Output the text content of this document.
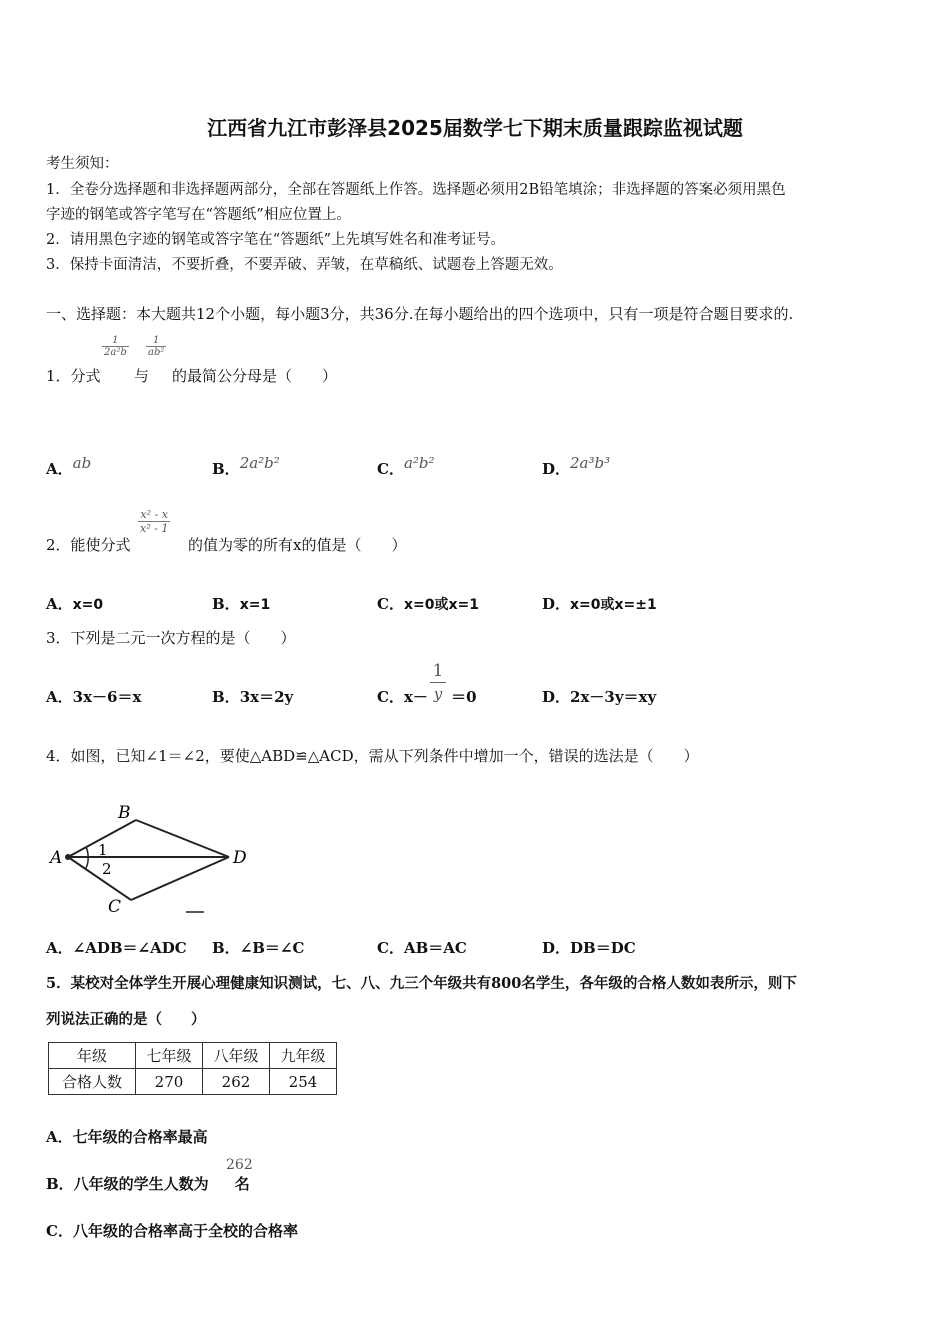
江西省九江市彭泽县2025届数学七下期末质量跟踪监视试题
考生须知：
1．全卷分选择题和非选择题两部分，全部在答题纸上作答。选择题必须用2B铅笔填涂；非选择题的答案必须用黑色
字迹的钢笔或答字笔写在“答题纸”相应位置上。
2．请用黑色字迹的钢笔或答字笔在“答题纸”上先填写姓名和准考证号。
3．保持卡面清洁，不要折叠，不要弄破、弄皱，在草稿纸、试题卷上答题无效。
一、选择题：本大题共12个小题，每小题3分，共36分.在每小题给出的四个选项中，只有一项是符合题目要求的.
1．分式
$\frac{1}{\text{2a²b}}$
与
$\frac{1}{\text{ab²}}$
的最简公分母是（　　）
A．ab	B．2a²b²	C．a²b²	D．2a³b³
2．能使分式
$\frac{\text{x² - x}}{\text{x² - 1}}$
的值为零的所有x的值是（　　）
A．x=0	B．x=1	C．x=0或x=1	D．x=0或x=±1
3．下列是二元一次方程的是（　　）
A．3x－6＝x	B．3x＝2y	C．x－ ＝0
$\frac{1}{y}$	D．2x－3y＝xy
4．如图，已知∠1＝∠2，要使△ABD≌△ACD，需从下列条件中增加一个，错误的选法是（　　）
A
B
C
D
1
2
A．∠ADB＝∠ADC B．∠B＝∠C	C．AB＝AC	D．DB＝DC
5．某校对全体学生开展心理健康知识测试，七、八、九三个年级共有800名学生，各年级的合格人数如表所示，则下
列说法正确的是（　　）
年级	七年级	八年级	九年级
合格人数	270	262	254
A．七年级的合格率最高
B．八年级的学生人数为 名
262
C．八年级的合格率高于全校的合格率
